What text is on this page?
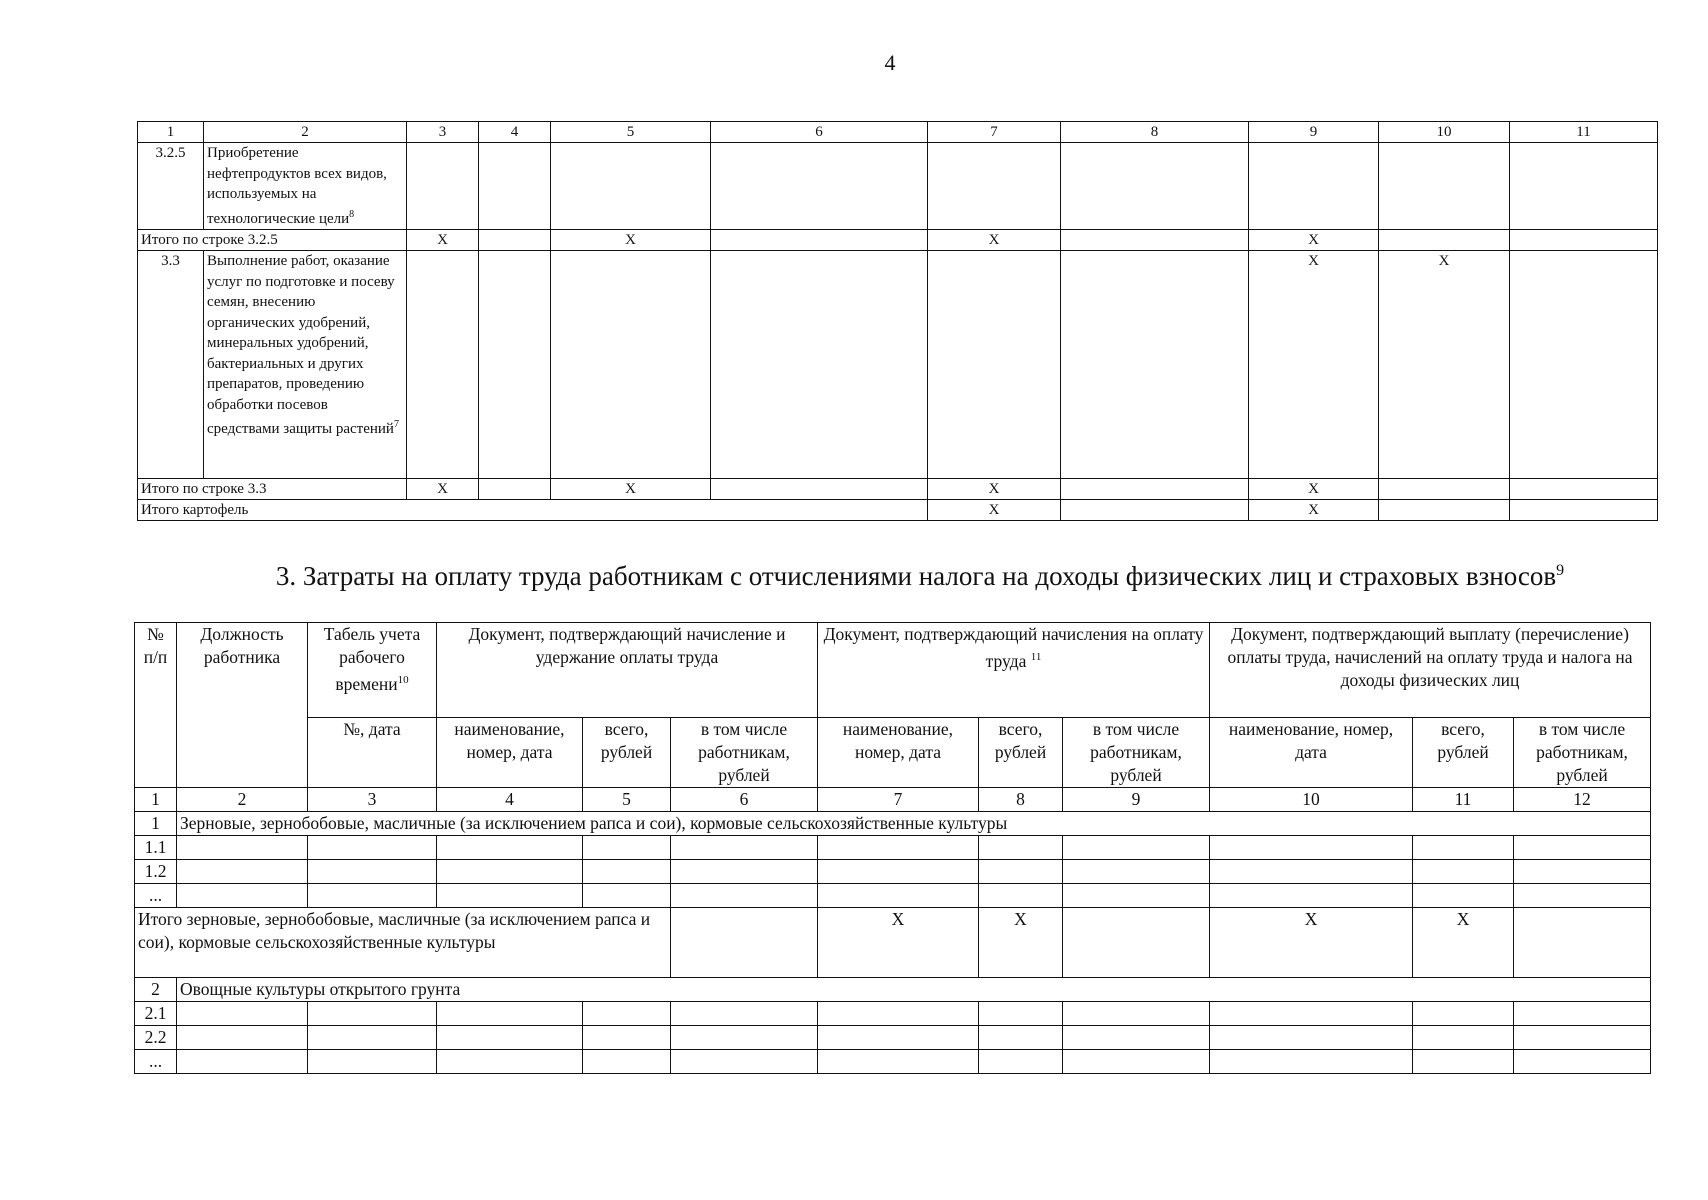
4
1	2	3	4	5	6	7	8	9	10	11
3.2.5	Приобретение нефтепродуктов всех видов, используемых на технологические цели$^8$									
Итого по строке 3.2.5		X		X		X		X		
3.3	Выполнение работ, оказание услуг по подготовке и посеву семян, внесению органических удобрений, минеральных удобрений, бактериальных и других препаратов, проведению обработки посевов средствами защиты растений$^7$							X	X	
Итого по строке 3.3		X		X		X		X		
Итого картофель						X		X		
3. Затраты на оплату труда работникам с отчислениями налога на доходы физических лиц и страховых взносов$^9$
№ п/п	Должность работника	Табель учета рабочего времени$^{10}$	Документ, подтверждающий начисление и удержание оплаты труда			Документ, подтверждающий начисления на оплату труда $^{11}$			Документ, подтверждающий выплату (перечисление) оплаты труда, начислений на оплату труда и налога на доходы физических лиц		
		№, дата	наименование, номер, дата	всего, рублей	в том числе работникам, рублей	наименование, номер, дата	всего, рублей	в том числе работникам, рублей	наименование, номер, дата	всего, рублей	в том числе работникам, рублей
1	2	3	4	5	6	7	8	9	10	11	12
1	Зерновые, зернобобовые, масличные (за исключением рапса и сои), кормовые сельскохозяйственные культуры										
1.1											
1.2											
...											
Итого зерновые, зернобобовые, масличные (за исключением рапса и сои), кормовые сельскохозяйственные культуры						X	X		X	X	
2	Овощные культуры открытого грунта										
2.1											
2.2											
...											
